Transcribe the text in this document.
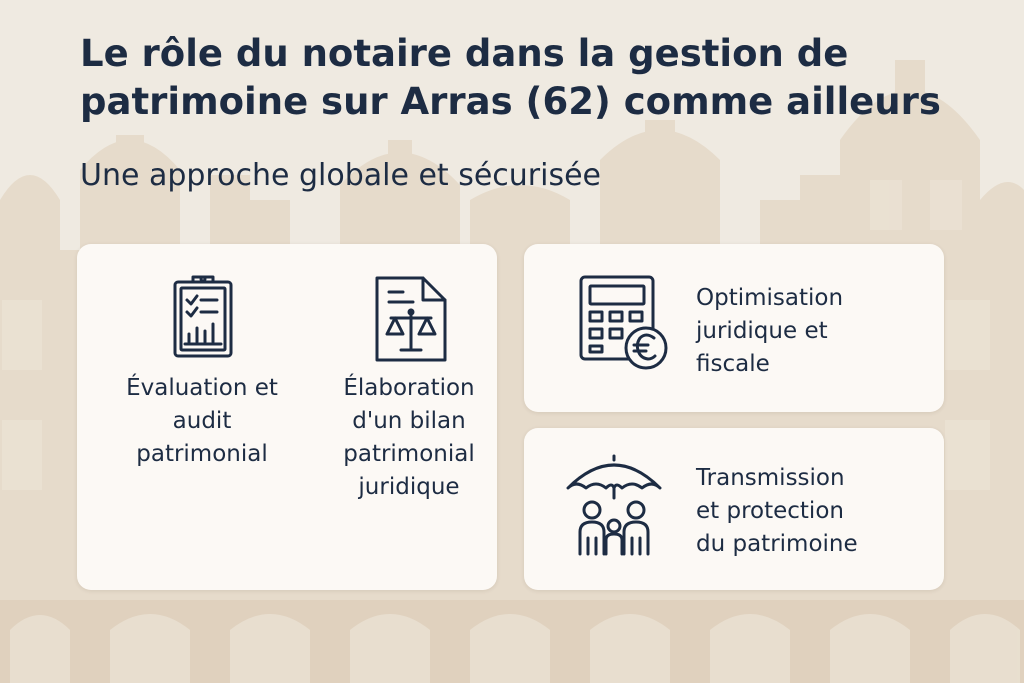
Le rôle du notaire dans la gestion de
patrimoine sur Arras (62) comme ailleurs
Une approche globale et sécurisée

Évaluation et
audit
patrimonial

Élaboration
d'un bilan
patrimonial
juridique

Optimisation
juridique et
fiscale

Transmission
et protection
du patrimoine
